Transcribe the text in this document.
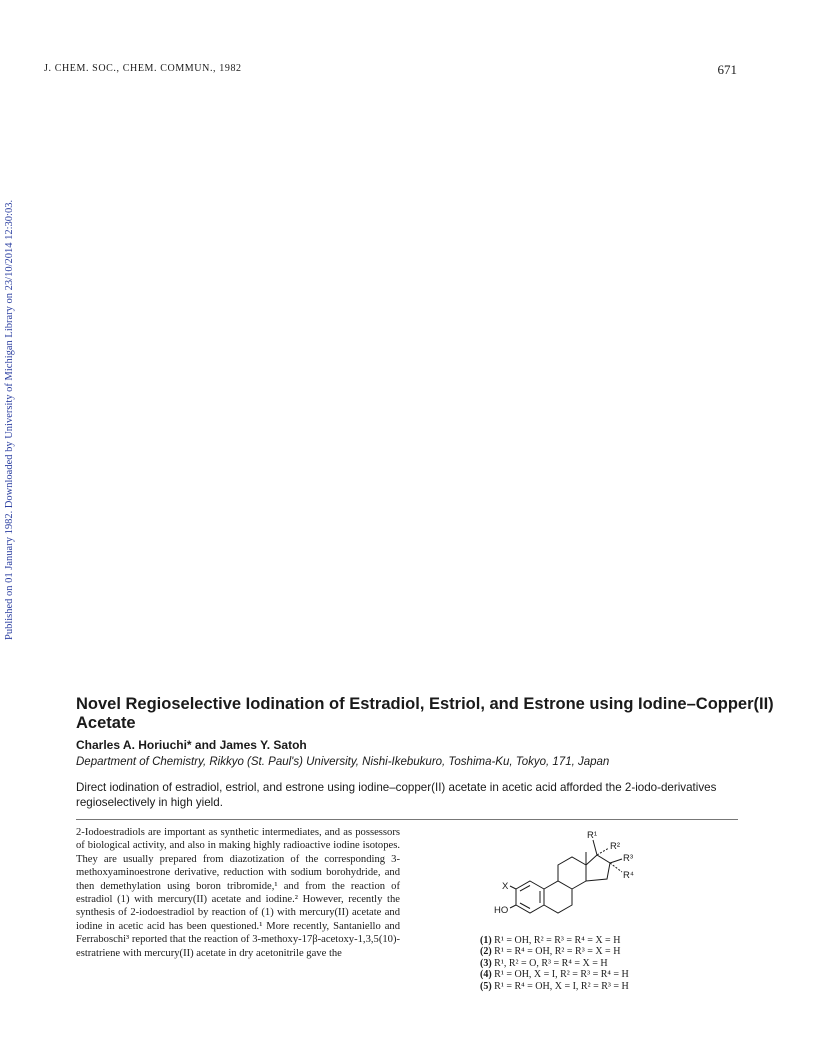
J. CHEM. SOC., CHEM. COMMUN., 1982	671
Published on 01 January 1982. Downloaded by University of Michigan Library on 23/10/2014 12:30:03.
Novel Regioselective Iodination of Estradiol, Estriol, and Estrone using Iodine–Copper(II) Acetate
Charles A. Horiuchi* and James Y. Satoh
Department of Chemistry, Rikkyo (St. Paul's) University, Nishi-Ikebukuro, Toshima-Ku, Tokyo, 171, Japan
Direct iodination of estradiol, estriol, and estrone using iodine–copper(II) acetate in acetic acid afforded the 2-iodo-derivatives regioselectively in high yield.
2-Iodoestradiols are important as synthetic intermediates, and as possessors of biological activity, and also in making highly radioactive iodine isotopes. They are usually prepared from diazotization of the corresponding 3-methoxyaminoestrone derivative, reduction with sodium borohydride, and then demethylation using boron tribromide,¹ and from the reaction of estradiol (1) with mercury(II) acetate and iodine.² However, recently the synthesis of 2-iodoestradiol by reaction of (1) with mercury(II) acetate and iodine in acetic acid has been questioned.¹ More recently, Santaniello and Ferraboschi³ reported that the reaction of 3-methoxy-17β-acetoxy-1,3,5(10)-estratriene with mercury(II) acetate in dry acetonitrile gave the
R¹
R²
R³
R⁴
X
HO
(1) R¹ = OH, R² = R³ = R⁴ = X = H
(2) R¹ = R⁴ = OH, R² = R³ = X = H
(3) R¹, R² = O, R³ = R⁴ = X = H
(4) R¹ = OH, X = I, R² = R³ = R⁴ = H
(5) R¹ = R⁴ = OH, X = I, R² = R³ = H
